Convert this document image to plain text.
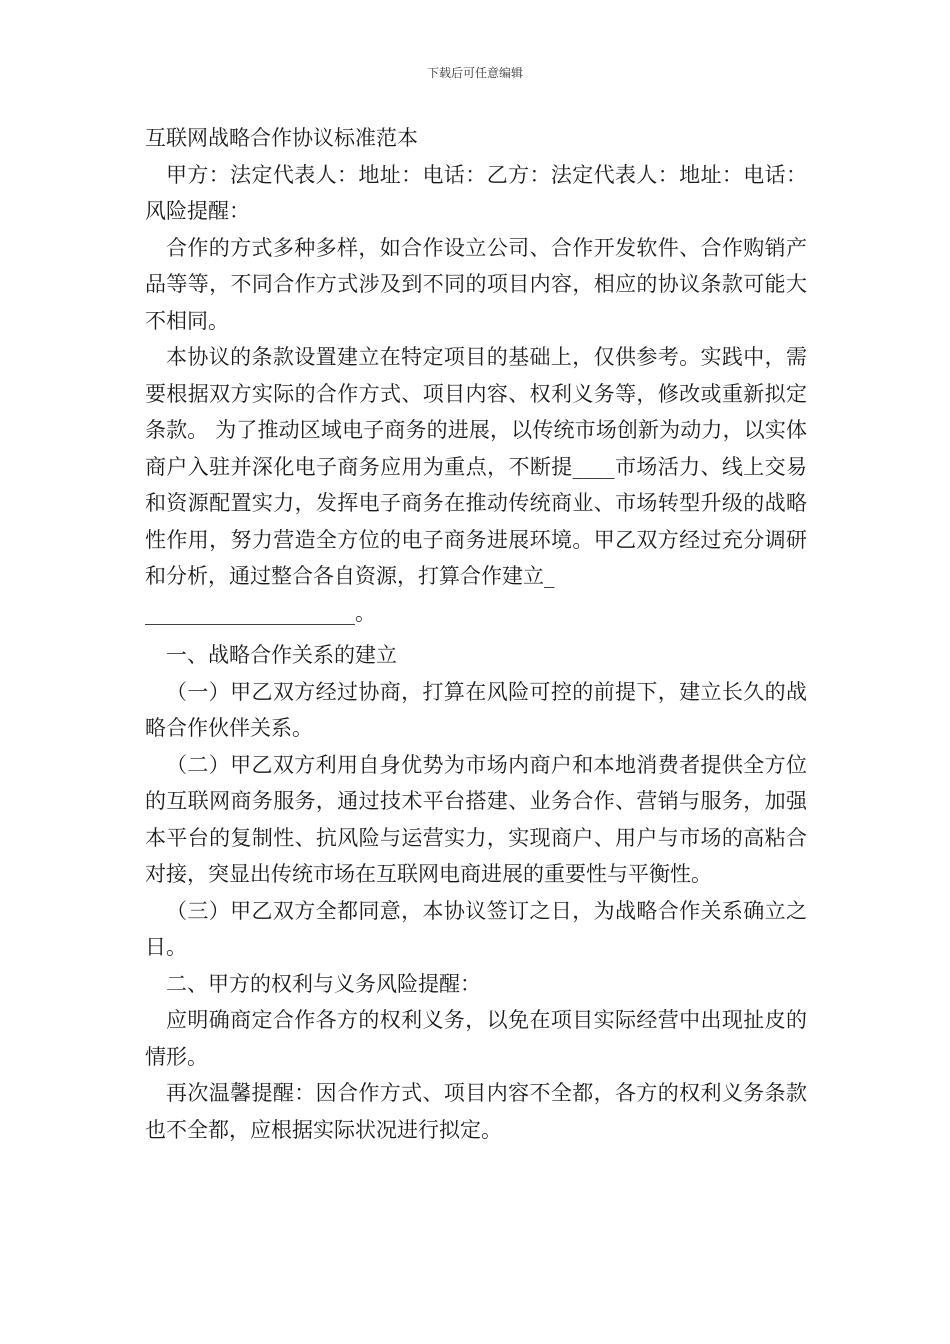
下载后可任意编辑

互联网战略合作协议标准范本

甲方：法定代表人：地址：电话：乙方：法定代表人：地址：电话：风险提醒：

合作的方式多种多样，如合作设立公司、合作开发软件、合作购销产品等等，不同合作方式涉及到不同的项目内容，相应的协议条款可能大不相同。

本协议的条款设置建立在特定项目的基础上，仅供参考。实践中，需要根据双方实际的合作方式、项目内容、权利义务等，修改或重新拟定条款。 为了推动区域电子商务的进展，以传统市场创新为动力，以实体商户入驻并深化电子商务应用为重点，不断提____市场活力、线上交易和资源配置实力，发挥电子商务在推动传统商业、市场转型升级的战略性作用，努力营造全方位的电子商务进展环境。甲乙双方经过充分调研和分析，通过整合各自资源，打算合作建立_

____________________。

一、战略合作关系的建立

（一）甲乙双方经过协商，打算在风险可控的前提下，建立长久的战略合作伙伴关系。

（二）甲乙双方利用自身优势为市场内商户和本地消费者提供全方位的互联网商务服务，通过技术平台搭建、业务合作、营销与服务，加强本平台的复制性、抗风险与运营实力，实现商户、用户与市场的高粘合对接，突显出传统市场在互联网电商进展的重要性与平衡性。

（三）甲乙双方全都同意，本协议签订之日，为战略合作关系确立之日。

二、甲方的权利与义务风险提醒：

应明确商定合作各方的权利义务，以免在项目实际经营中出现扯皮的情形。

再次温馨提醒：因合作方式、项目内容不全都，各方的权利义务条款也不全都，应根据实际状况进行拟定。
